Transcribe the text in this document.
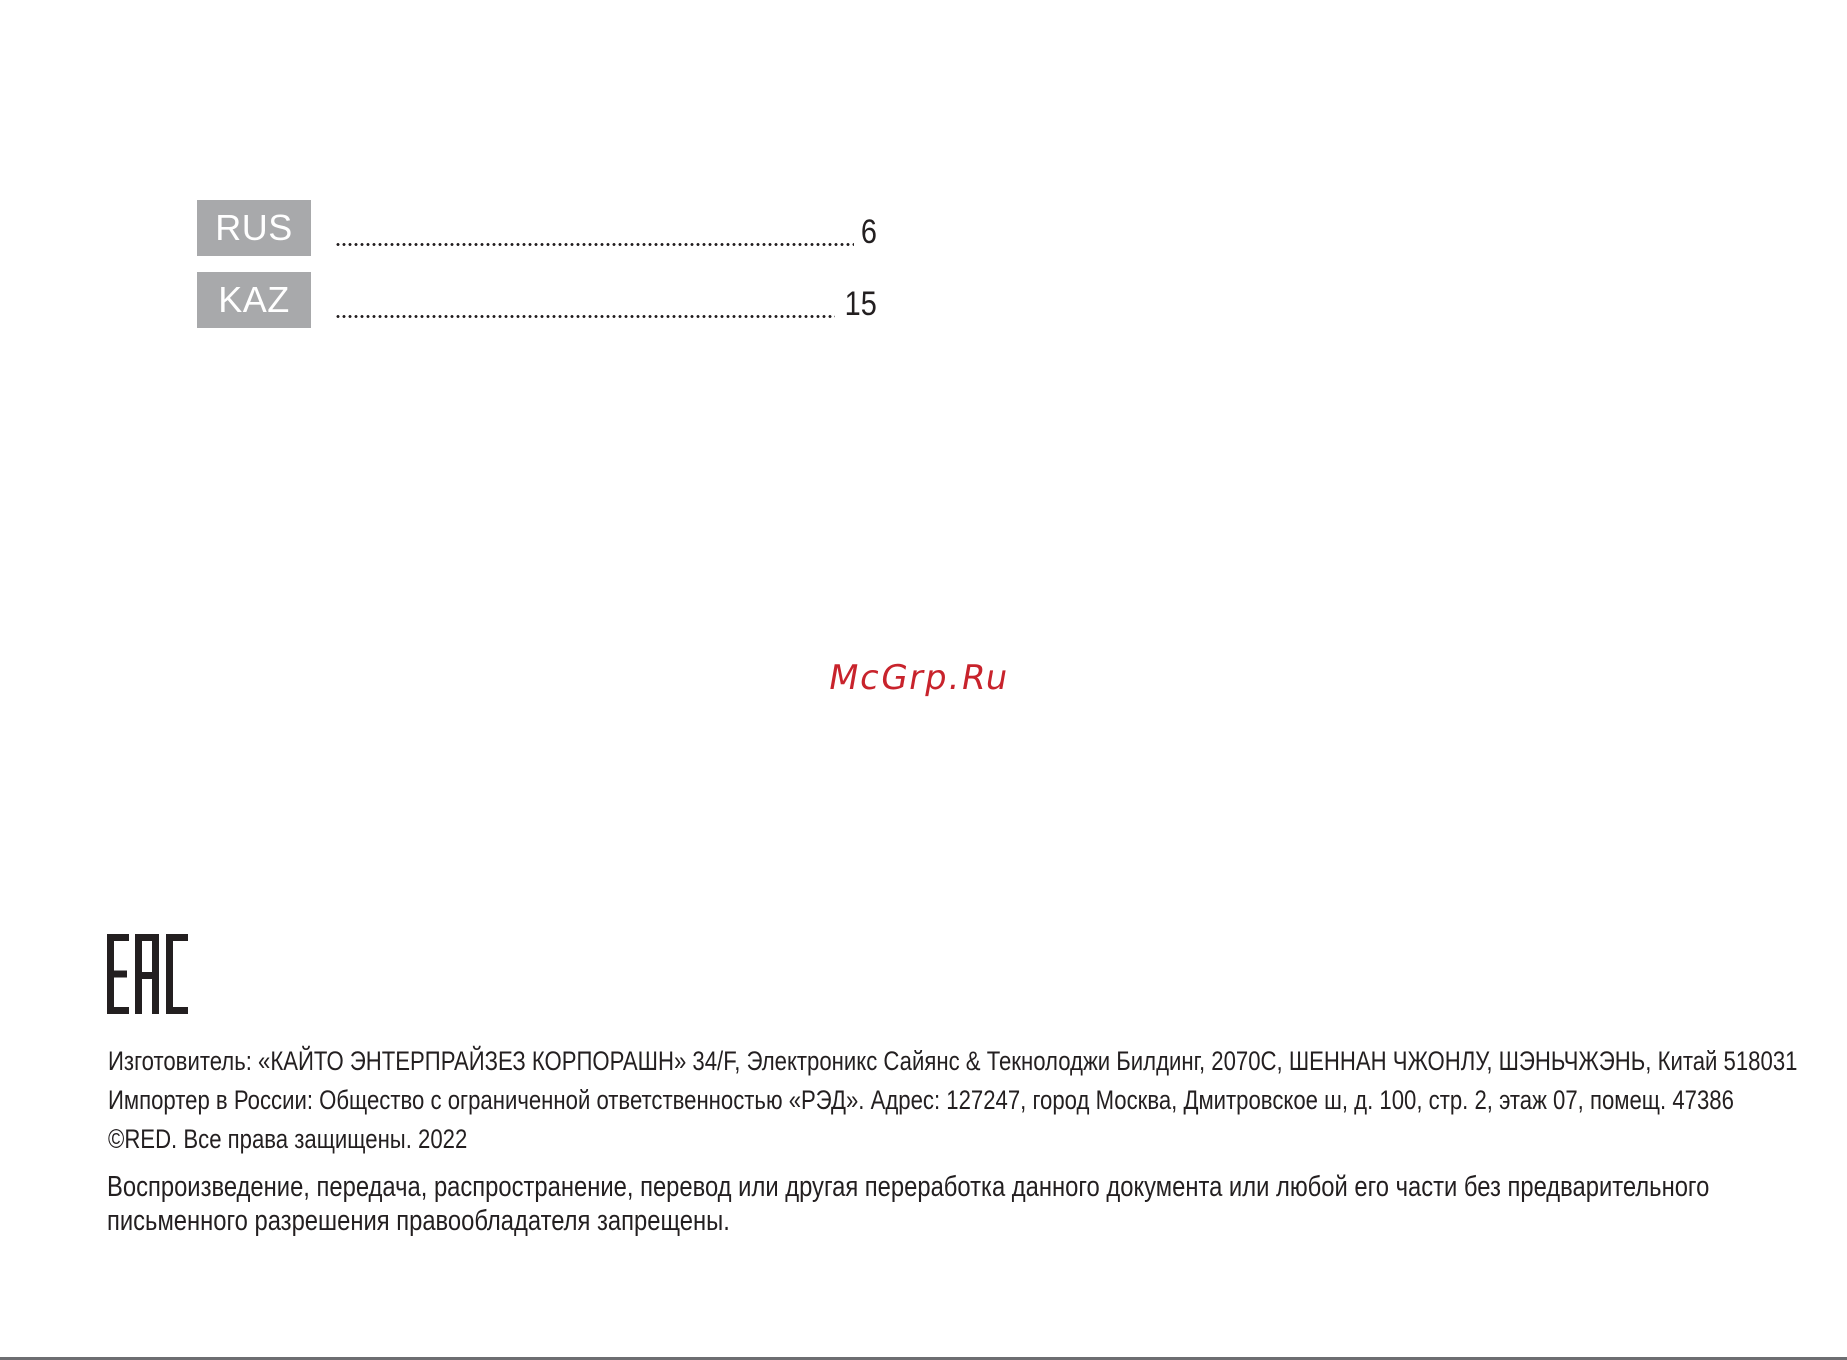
RUS	6
KAZ	15
McGrp.Ru
Изготовитель: «КАЙТО ЭНТЕРПРАЙЗЕЗ КОРПОРАШН» 34/F, Электроникс Сайянс & Текнолоджи Билдинг, 2070С, ШЕННАН ЧЖОНЛУ, ШЭНЬЧЖЭНЬ, Китай 518031
Импортер в России: Общество с ограниченной ответственностью «РЭД». Адрес: 127247, город Москва, Дмитровское ш, д. 100, стр. 2, этаж 07, помещ. 47386
©RED. Все права защищены. 2022
Воспроизведение, передача, распространение, перевод или другая переработка данного документа или любой его части без предварительного
письменного разрешения правообладателя запрещены.
